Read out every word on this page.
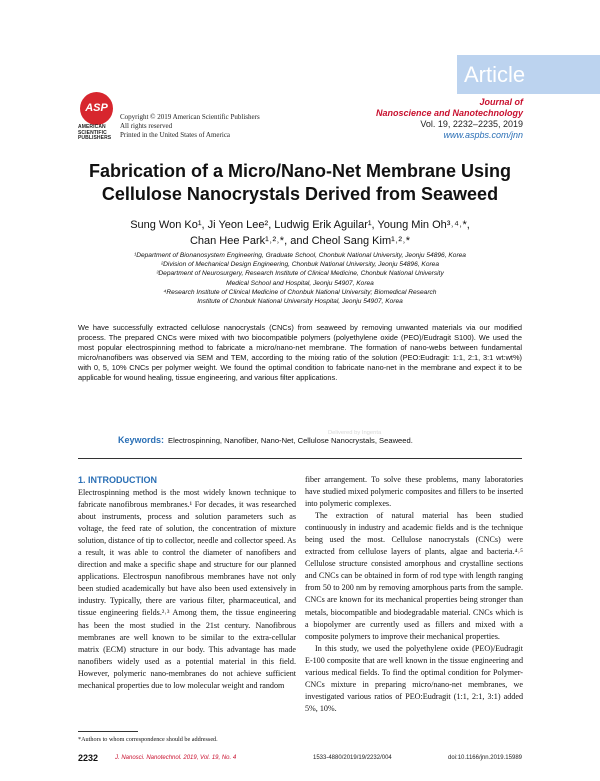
Article
ASP
AMERICAN SCIENTIFIC PUBLISHERS
Copyright © 2019 American Scientific Publishers
All rights reserved
Printed in the United States of America
Journal of
Nanoscience and Nanotechnology
Vol. 19, 2232–2235, 2019
www.aspbs.com/jnn
Fabrication of a Micro/Nano-Net Membrane Using
Cellulose Nanocrystals Derived from Seaweed
Sung Won Ko¹, Ji Yeon Lee², Ludwig Erik Aguilar¹, Young Min Oh³˒⁴˒*,
Chan Hee Park¹˒²˒*, and Cheol Sang Kim¹˒²˒*
¹Department of Bionanosystem Engineering, Graduate School, Chonbuk National University, Jeonju 54896, Korea
²Division of Mechanical Design Engineering, Chonbuk National University, Jeonju 54896, Korea
³Department of Neurosurgery, Research Institute of Clinical Medicine, Chonbuk National University
Medical School and Hospital, Jeonju 54907, Korea
⁴Research Institute of Clinical Medicine of Chonbuk National University; Biomedical Research
Institute of Chonbuk National University Hospital, Jeonju 54907, Korea
We have successfully extracted cellulose nanocrystals (CNCs) from seaweed by removing unwanted materials via our modified process. The prepared CNCs were mixed with two biocompatible polymers (polyethylene oxide (PEO)/Eudragit S100). We used the most popular electrospinning method to fabricate a micro/nano-net membrane. The formation of nano-webs between fundamental micro/nanofibers was observed via SEM and TEM, according to the mixing ratio of the solution (PEO:Eudragit: 1:1, 2:1, 3:1 wt:wt%) with 0, 5, 10% CNCs per polymer weight. We found the optimal condition to fabricate nano-net in the membrane and expect it to be applicable for wound healing, tissue engineering, and various filter applications.
Delivered by Ingenta
Keywords: Electrospinning, Nanofiber, Nano-Net, Cellulose Nanocrystals, Seaweed.
1. INTRODUCTION

Electrospinning method is the most widely known technique to fabricate nanofibrous membranes.¹ For decades, it was researched about instruments, process and solution parameters such as voltage, the feed rate of solution, the concentration of mixture solution, distance of tip to collector, needle and collector speed. As a result, it was able to control the diameter of nanofibers and direction and make a specific shape and structure for our planned applications. Electrospun nanofibrous membranes have not only been studied academically but have also been used extensively in industry. Typically, there are various filter, pharmaceutical, and tissue engineering fields.²˒³ Among them, the tissue engineering has been the most studied in the 21st century. Nanofibrous membranes are well known to be similar to the extra-cellular matrix (ECM) structure in our body. This advantage has made nanofibers widely used as a potential material in this field. However, polymeric nano-membranes do not achieve sufficient mechanical properties due to low molecular weight and random

fiber arrangement. To solve these problems, many laboratories have studied mixed polymeric composites and fillers to be inserted into polymeric complexes.

The extraction of natural material has been studied continuously in industry and academic fields and is the technique being used the most. Cellulose nanocrystals (CNCs) were extracted from cellulose layers of plants, algae and bacteria.⁴˒⁵ Cellulose structure consisted amorphous and crystalline sections and CNCs can be obtained in form of rod type with length ranging from 50 to 200 nm by removing amorphous parts from the sample. CNCs are known for its mechanical properties being stronger than metals, biocompatible and biodegradable material. CNCs which is a biopolymer are currently used as fillers and mixed with a composite polymers to improve their mechanical properties.

In this study, we used the polyethylene oxide (PEO)/Eudragit E-100 composite that are well known in the tissue engineering and various medical fields. To find the optimal condition for Polymer-CNCs mixture in preparing micro/nano-net membranes, we investigated various ratios of PEO:Eudragit (1:1, 2:1, 3:1) added 5%, 10%.

*Authors to whom correspondence should be addressed.
2232	J. Nanosci. Nanotechnol. 2019, Vol. 19, No. 4	1533-4880/2019/19/2232/004	doi:10.1166/jnn.2019.15989
